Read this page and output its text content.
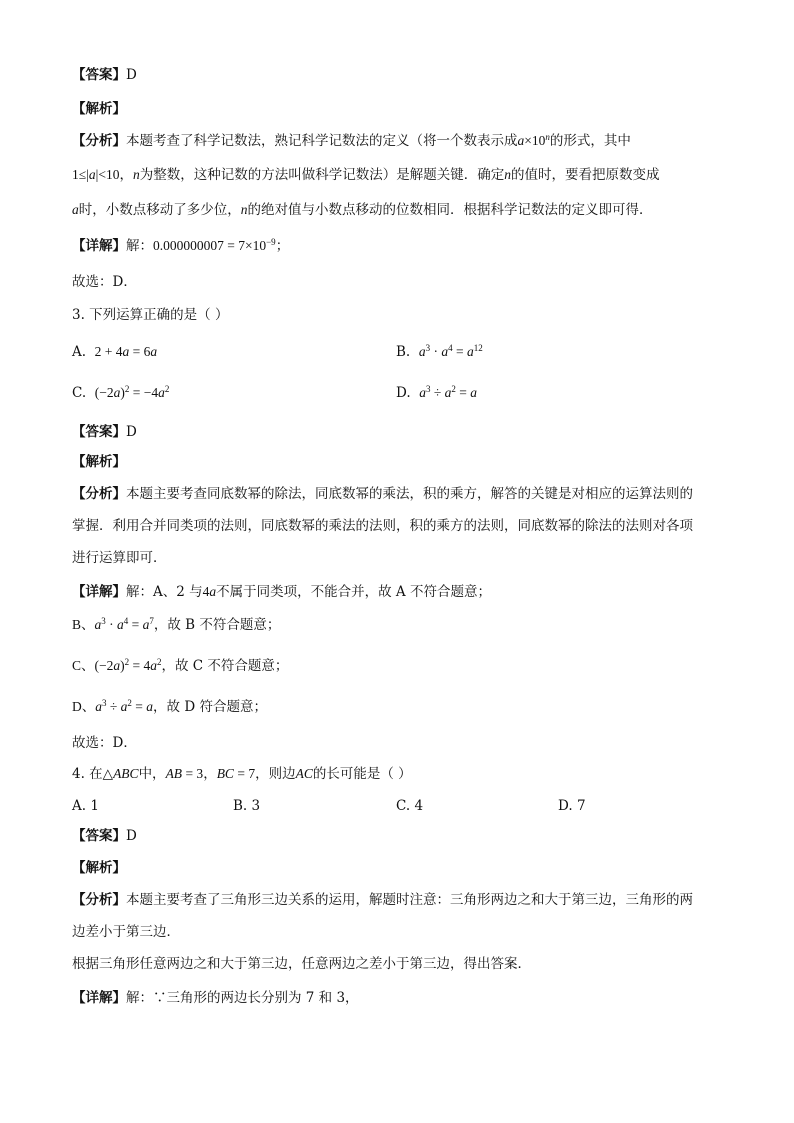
【答案】D
【解析】
【分析】本题考查了科学记数法，熟记科学记数法的定义（将一个数表示成$a\times 10^n$的形式，其中
1≤|a|<10，n为整数，这种记数的方法叫做科学记数法）是解题关键．确定n的值时，要看把原数变成
a时，小数点移动了多少位，n的绝对值与小数点移动的位数相同．根据科学记数法的定义即可得．
【详解】解：$0.000000007 = 7\times 10^{-9}$；
故选：D．
3. 下列运算正确的是（ ）
A. 2 + 4a = 6a	B. $a^3 \cdot a^4 = a^{12}$
C. $(-2a)^2 = -4a^2$	D. $a^3 \div a^2 = a$
【答案】D
【解析】
【分析】本题主要考查同底数幂的除法，同底数幂的乘法，积的乘方，解答的关键是对相应的运算法则的
掌握．利用合并同类项的法则，同底数幂的乘法的法则，积的乘方的法则，同底数幂的除法的法则对各项
进行运算即可．
【详解】解：A、2 与4a不属于同类项，不能合并，故 A 不符合题意；
B、$a^3 \cdot a^4 = a^7$，故 B 不符合题意；
C、$(-2a)^2 = 4a^2$，故 C 不符合题意；
D、$a^3 \div a^2 = a$，故 D 符合题意；
故选：D．
4. 在△ABC中，AB = 3，BC = 7，则边AC的长可能是（ ）
A. 1	B. 3	C. 4	D. 7
【答案】D
【解析】
【分析】本题主要考查了三角形三边关系的运用，解题时注意：三角形两边之和大于第三边，三角形的两
边差小于第三边．
根据三角形任意两边之和大于第三边，任意两边之差小于第三边，得出答案．
【详解】解：∵三角形的两边长分别为 7 和 3，
